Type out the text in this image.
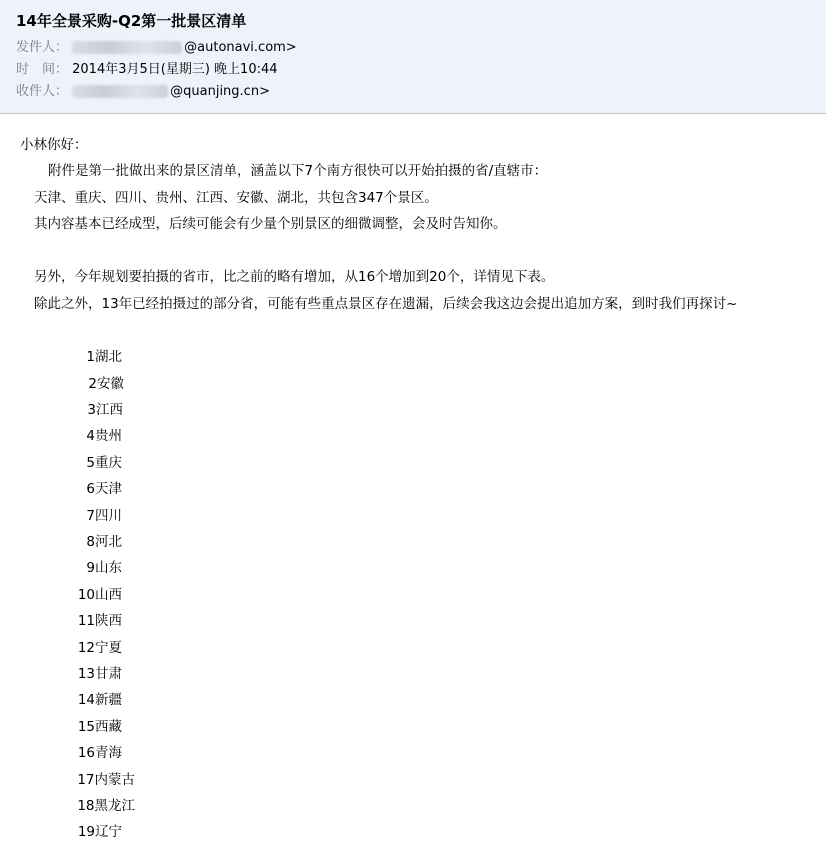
14年全景采购-Q2第一批景区清单
发件人：	@autonavi.com>
时　间： 2014年3月5日(星期三) 晚上10:44
收件人：	@quanjing.cn>
小林你好：
附件是第一批做出来的景区清单，涵盖以下7个南方很快可以开始拍摄的省/直辖市：
天津、重庆、四川、贵州、江西、安徽、湖北，共包含347个景区。
其内容基本已经成型，后续可能会有少量个别景区的细微调整，会及时告知你。
另外，今年规划要拍摄的省市，比之前的略有增加，从16个增加到20个，详情见下表。
除此之外，13年已经拍摄过的部分省，可能有些重点景区存在遗漏，后续会我这边会提出追加方案，到时我们再探讨~
1湖北
2安徽
3江西
4贵州
5重庆
6天津
7四川
8河北
9山东
10山西
11陕西
12宁夏
13甘肃
14新疆
15西藏
16青海
17内蒙古
18黑龙江
19辽宁
